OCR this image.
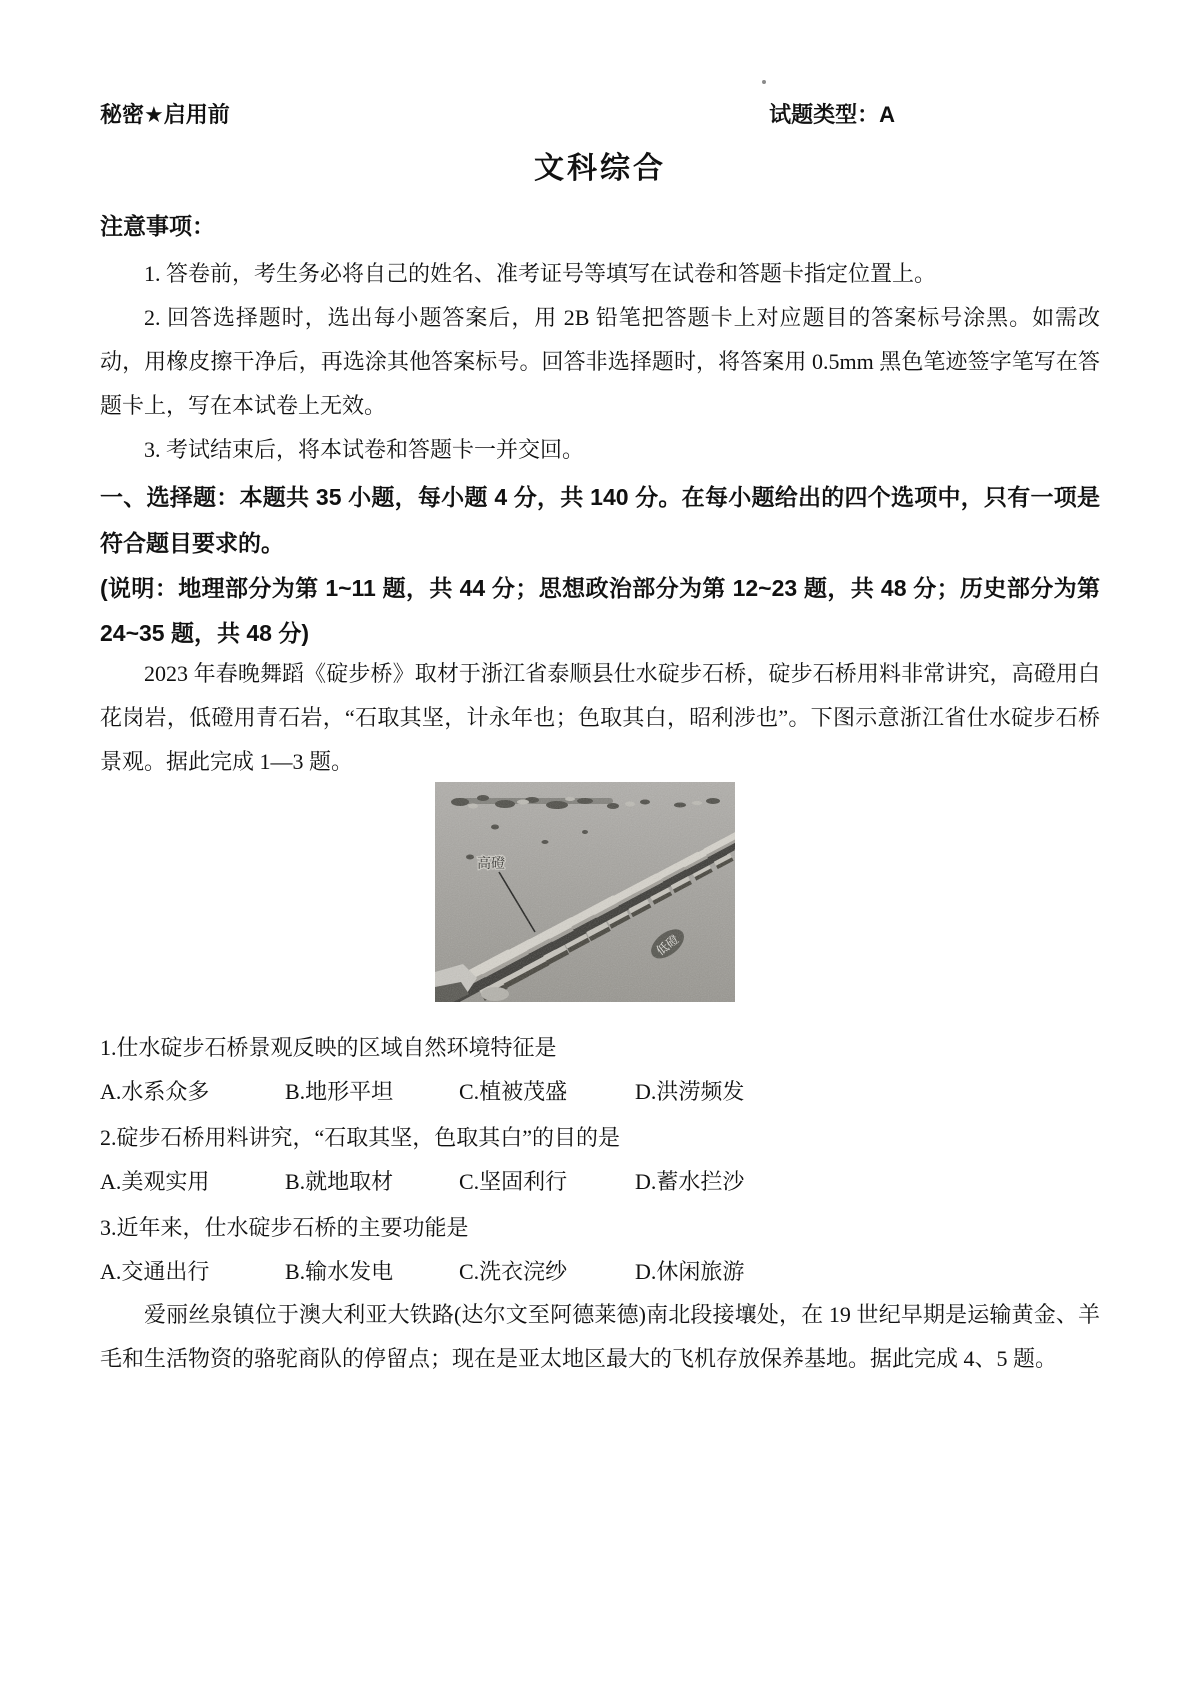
秘密★启用前	试题类型：A
文科综合
注意事项：

1. 答卷前，考生务必将自己的姓名、准考证号等填写在试卷和答题卡指定位置上。

2. 回答选择题时，选出每小题答案后，用 2B 铅笔把答题卡上对应题目的答案标号涂黑。如需改动，用橡皮擦干净后，再选涂其他答案标号。回答非选择题时，将答案用 0.5mm 黑色笔迹签字笔写在答题卡上，写在本试卷上无效。

3. 考试结束后，将本试卷和答题卡一并交回。

一、选择题：本题共 35 小题，每小题 4 分，共 140 分。在每小题给出的四个选项中，只有一项是符合题目要求的。

(说明：地理部分为第 1~11 题，共 44 分；思想政治部分为第 12~23 题，共 48 分；历史部分为第 24~35 题，共 48 分)

2023 年春晚舞蹈《碇步桥》取材于浙江省泰顺县仕水碇步石桥，碇步石桥用料非常讲究，高磴用白花岗岩，低磴用青石岩，“石取其坚，计永年也；色取其白，昭利涉也”。下图示意浙江省仕水碇步石桥景观。据此完成 1—3 题。

高磴
低磴

1.仕水碇步石桥景观反映的区域自然环境特征是

A.水系众多	B.地形平坦	C.植被茂盛	D.洪涝频发

2.碇步石桥用料讲究，“石取其坚，色取其白”的目的是

A.美观实用	B.就地取材	C.坚固利行	D.蓄水拦沙

3.近年来，仕水碇步石桥的主要功能是

A.交通出行	B.输水发电	C.洗衣浣纱	D.休闲旅游

爱丽丝泉镇位于澳大利亚大铁路(达尔文至阿德莱德)南北段接壤处，在 19 世纪早期是运输黄金、羊毛和生活物资的骆驼商队的停留点；现在是亚太地区最大的飞机存放保养基地。据此完成 4、5 题。
